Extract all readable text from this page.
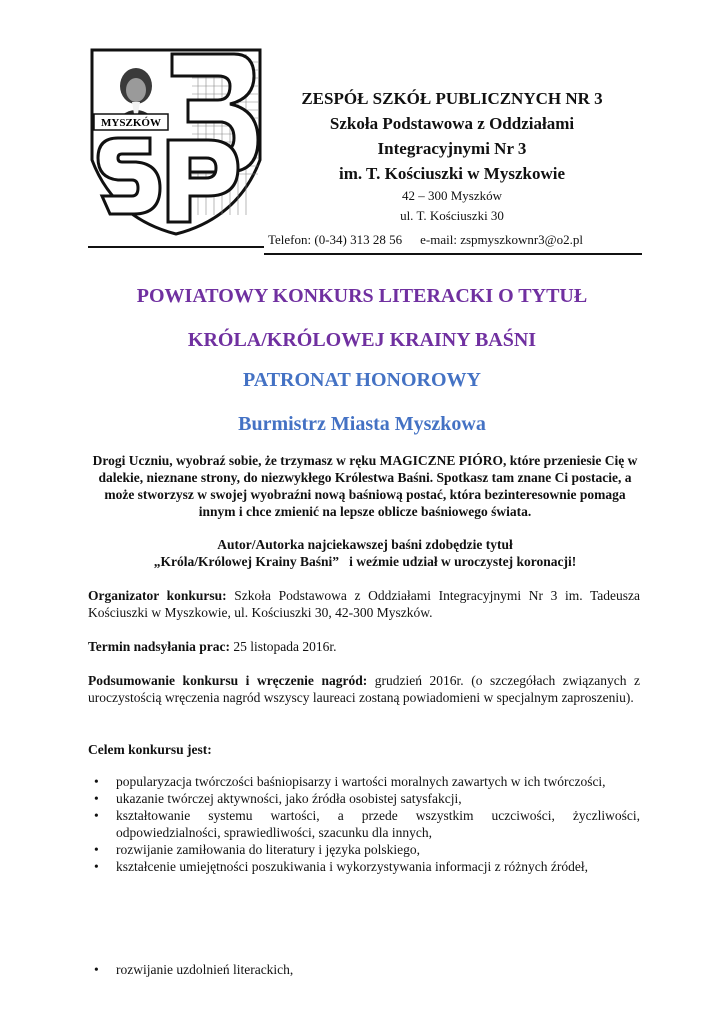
MYSZKÓW
ZESPÓŁ SZKÓŁ PUBLICZNYCH NR 3
Szkoła Podstawowa z Oddziałami
Integracyjnymi Nr 3
im. T. Kościuszki w Myszkowie
42 – 300 Myszków
ul. T. Kościuszki 30
Telefon: (0-34) 313 28 56 e-mail: zspmyszkownr3@o2.pl
POWIATOWY KONKURS LITERACKI O TYTUŁ
KRÓLA/KRÓLOWEJ KRAINY BAŚNI
PATRONAT HONOROWY
Burmistrz Miasta Myszkowa
Drogi Uczniu, wyobraź sobie, że trzymasz w ręku MAGICZNE PIÓRO, które przeniesie Cię w dalekie, nieznane strony, do niezwykłego Królestwa Baśni. Spotkasz tam znane Ci postacie, a może stworzysz w swojej wyobraźni nową baśniową postać, która bezinteresownie pomaga innym i chce zmienić na lepsze oblicze baśniowego świata.
Autor/Autorka najciekawszej baśni zdobędzie tytuł
„Króla/Królowej Krainy Baśni”   i weźmie udział w uroczystej koronacji!
Organizator konkursu: Szkoła Podstawowa z Oddziałami Integracyjnymi Nr 3 im. Tadeusza Kościuszki w Myszkowie, ul. Kościuszki 30, 42-300 Myszków.
Termin nadsyłania prac: 25 listopada 2016r.
Podsumowanie konkursu i wręczenie nagród: grudzień 2016r. (o szczegółach związanych z uroczystością wręczenia nagród wszyscy laureaci zostaną powiadomieni w specjalnym zaproszeniu).
Celem konkursu jest:
• popularyzacja twórczości baśniopisarzy i wartości moralnych zawartych w ich twórczości,
• ukazanie twórczej aktywności, jako źródła osobistej satysfakcji,
• kształtowanie systemu wartości, a przede wszystkim uczciwości, życzliwości, odpowiedzialności, sprawiedliwości, szacunku dla innych,
• rozwijanie zamiłowania do literatury i języka polskiego,
• kształcenie umiejętności poszukiwania i wykorzystywania informacji z różnych źródeł,
• rozwijanie uzdolnień literackich,
